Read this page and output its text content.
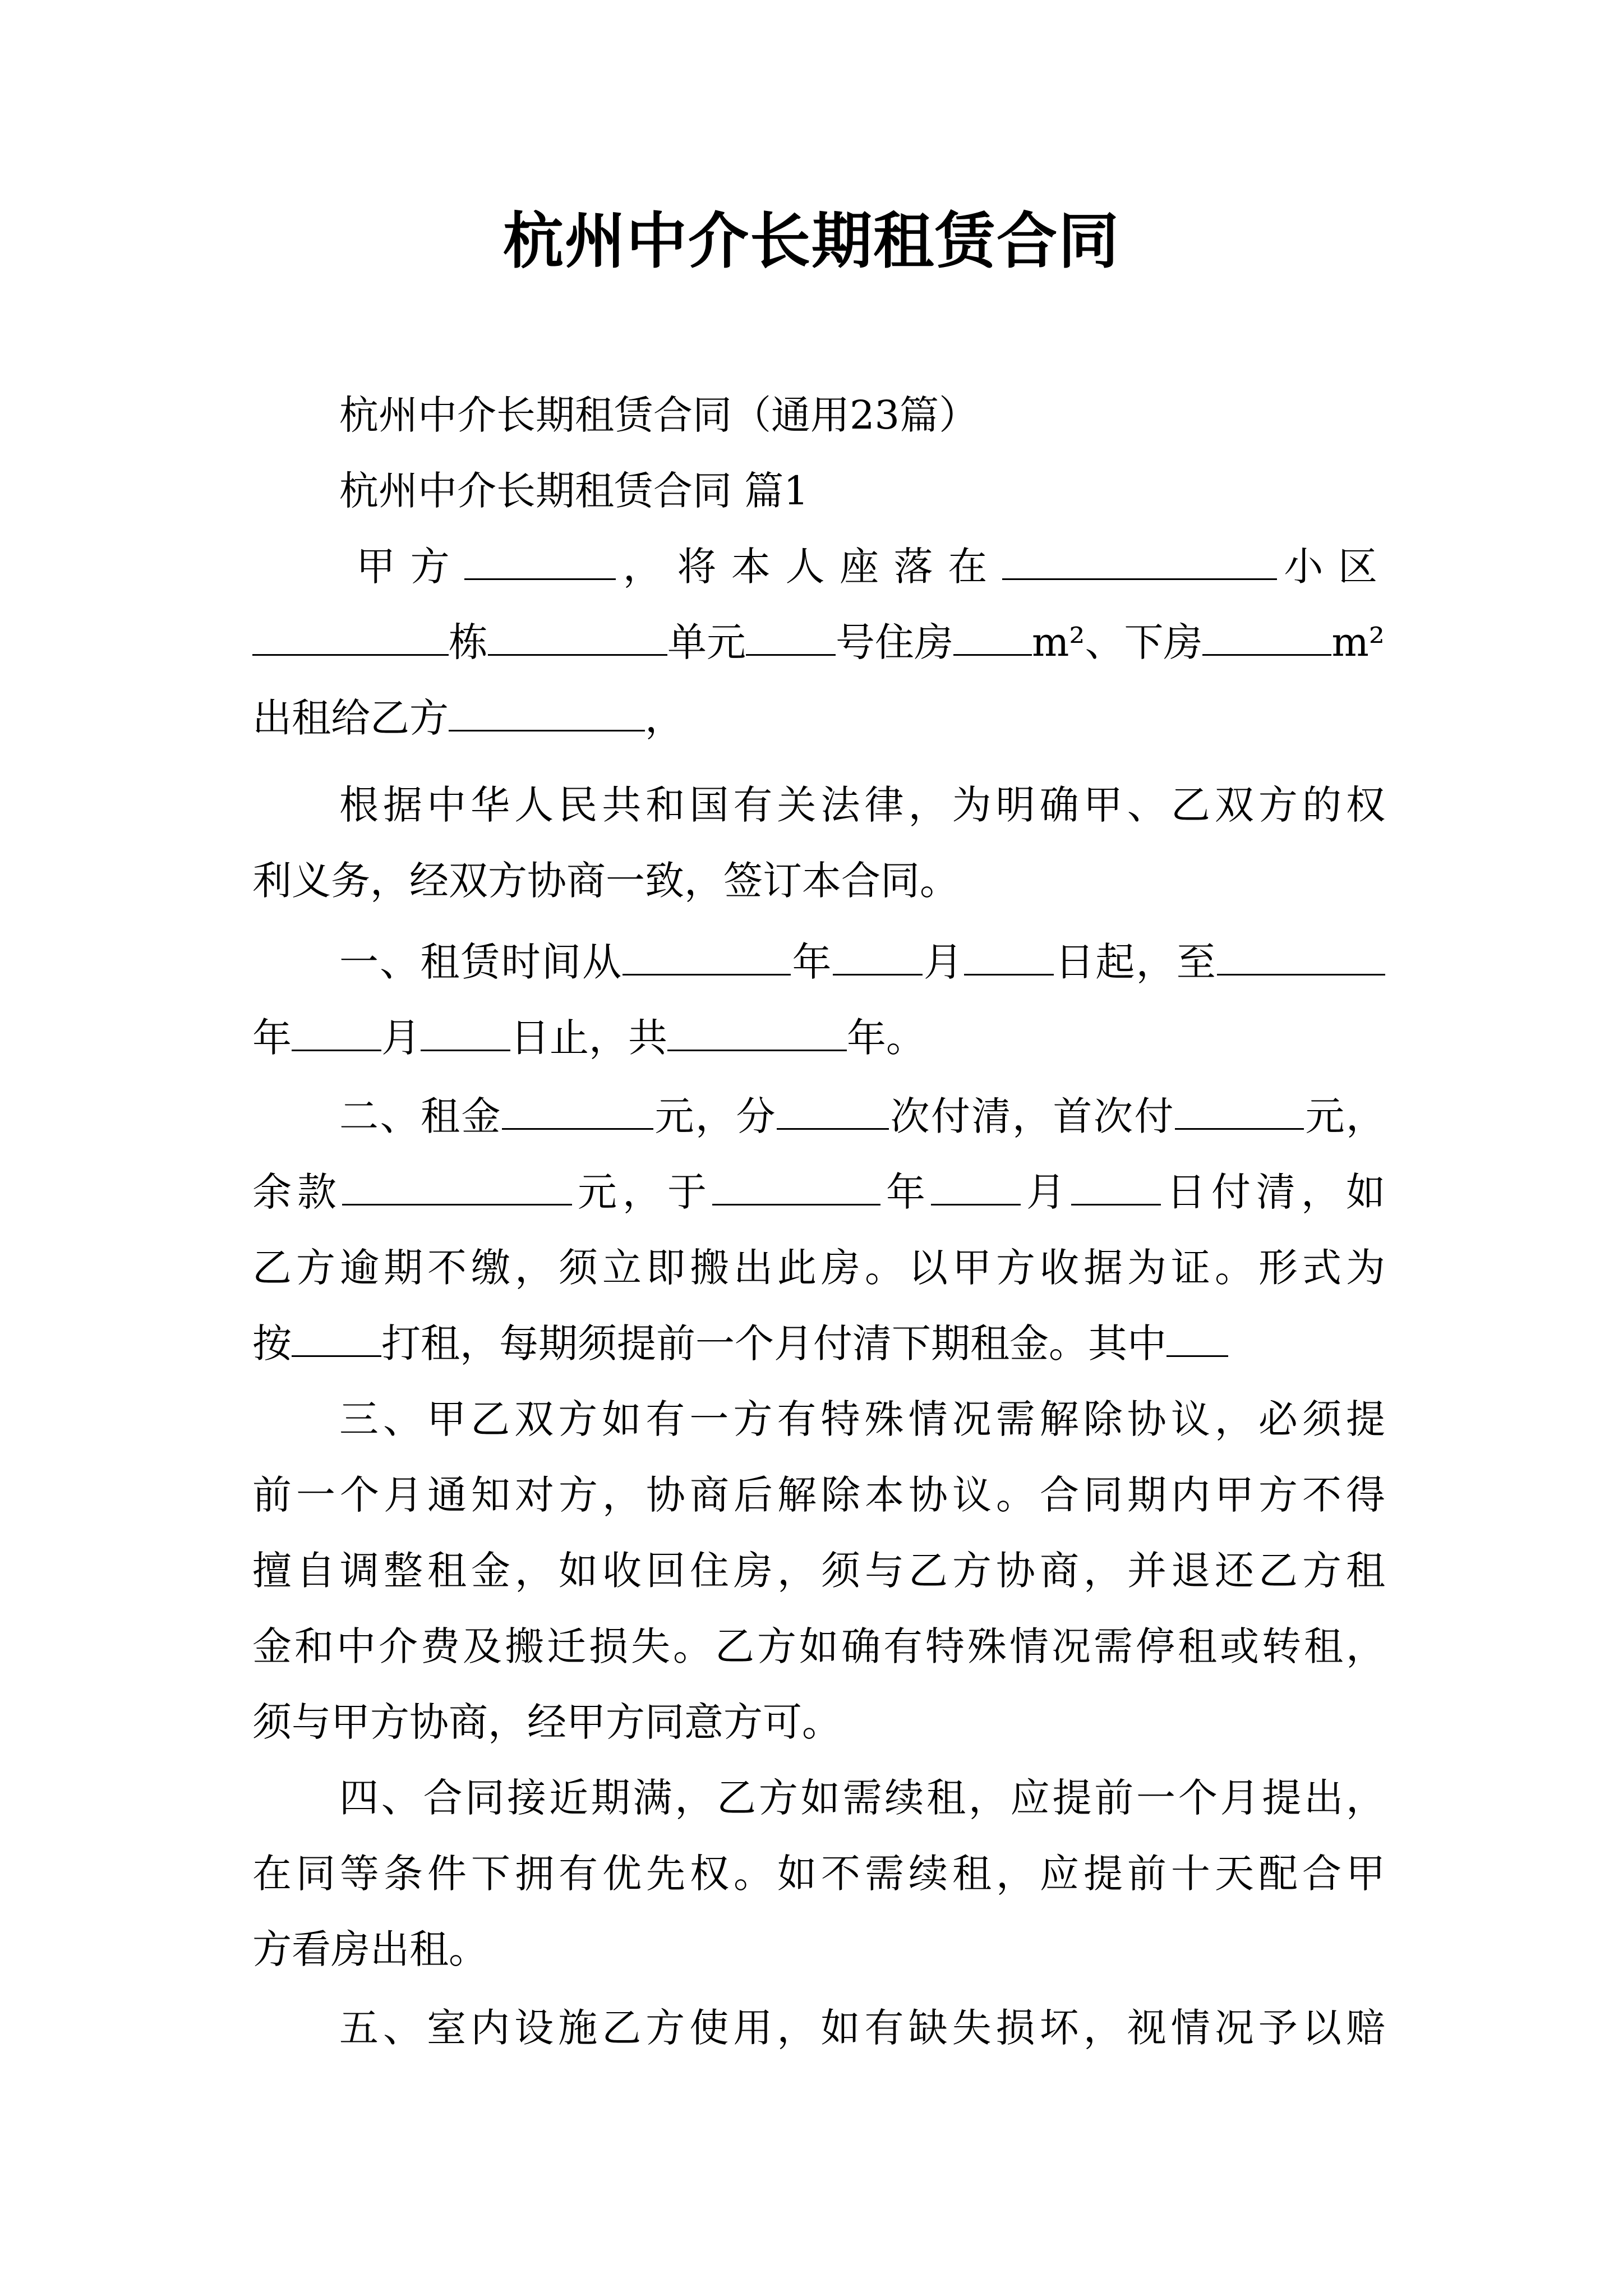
杭州中介长期租赁合同
杭州中介长期租赁合同（通用23篇）
杭州中介长期租赁合同 篇1
甲方	，将本人座落在	小区
栋	单元 号住房 m²、下房	m²
出租给乙方	，
根据中华人民共和国有关法律，为明确甲、乙双方的权
利义务，经双方协商一致，签订本合同。
一、租赁时间从	年 月 日起，至
年 月 日止，共	年。
二、租金	元，分	次付清，首次付	元，
余款	元，于	年 月 日付清，如
乙方逾期不缴，须立即搬出此房。以甲方收据为证。形式为
按 打租，每期须提前一个月付清下期租金。其中
三、甲乙双方如有一方有特殊情况需解除协议，必须提
前一个月通知对方，协商后解除本协议。合同期内甲方不得
擅自调整租金，如收回住房，须与乙方协商，并退还乙方租
金和中介费及搬迁损失。乙方如确有特殊情况需停租或转租，
须与甲方协商，经甲方同意方可。
四、合同接近期满，乙方如需续租，应提前一个月提出，
在同等条件下拥有优先权。如不需续租，应提前十天配合甲
方看房出租。
五、室内设施乙方使用，如有缺失损坏，视情况予以赔
